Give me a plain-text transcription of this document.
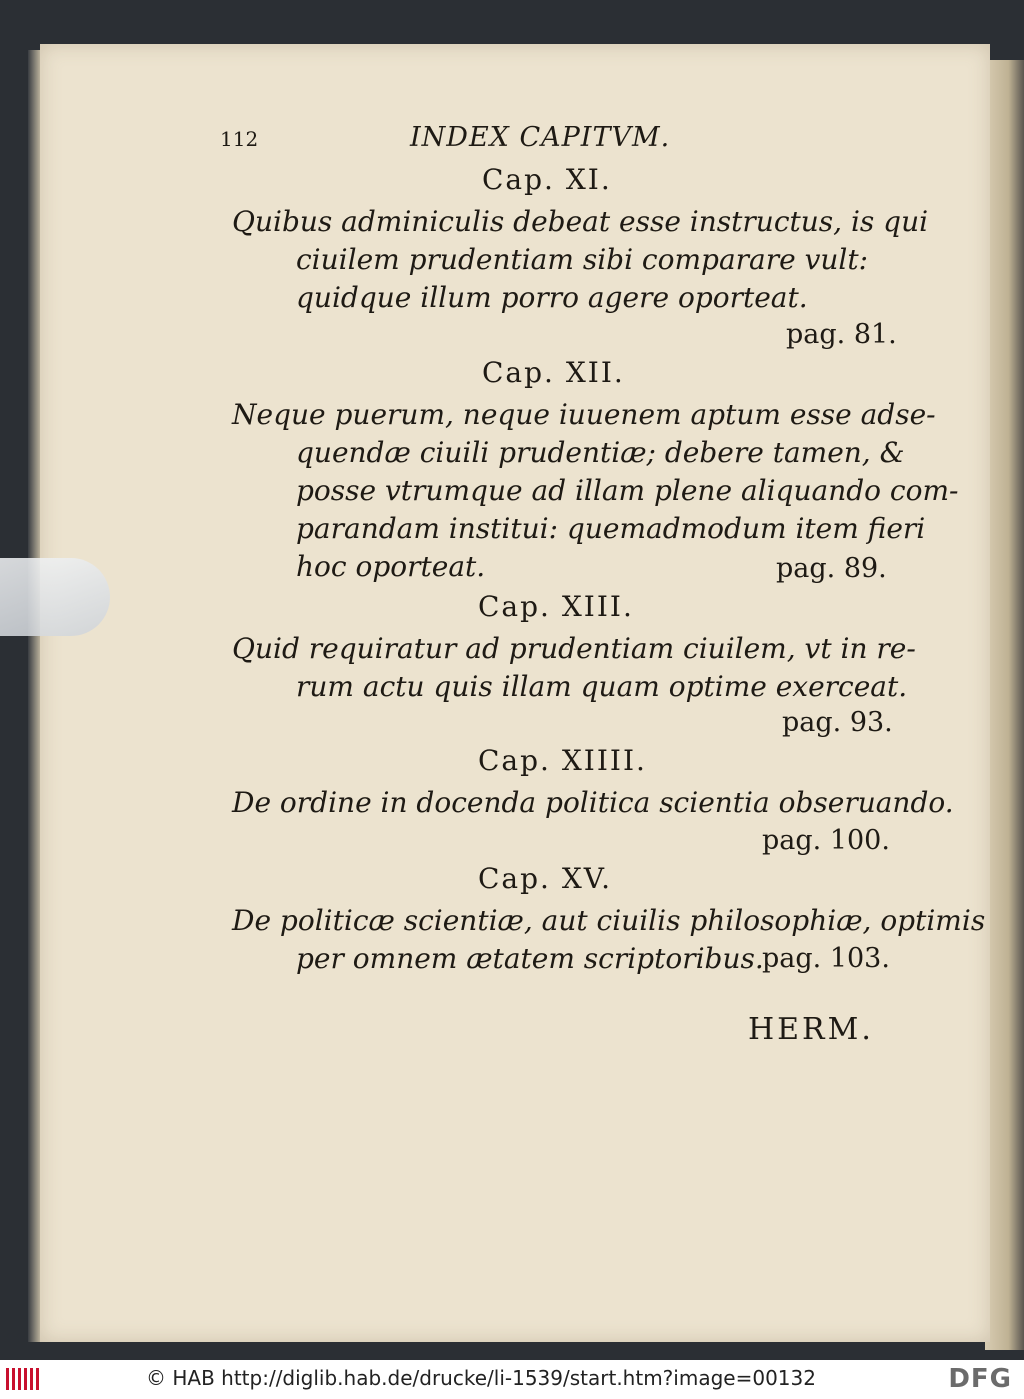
112	INDEX CAPITVM.
Cap. XI.
Quibus adminiculis debeat esse instructus, is qui
ciuilem prudentiam sibi comparare vult:
quidque illum porro agere oporteat.
pag. 81.
Cap. XII.
Neque puerum, neque iuuenem aptum esse adse-
quendæ ciuili prudentiæ; debere tamen, &
posse vtrumque ad illam plene aliquando com-
parandam institui: quemadmodum item fieri
hoc oporteat.	pag. 89.
Cap. XIII.
Quid requiratur ad prudentiam ciuilem, vt in re-
rum actu quis illam quam optime exerceat.
pag. 93.
Cap. XIIII.
De ordine in docenda politica scientia obseruando.
pag. 100.
Cap. XV.
De politicæ scientiæ, aut ciuilis philosophiæ, optimis
per omnem ætatem scriptoribus.
pag. 103.
HERM.
© HAB http://diglib.hab.de/drucke/li-1539/start.htm?image=00132	DFG
